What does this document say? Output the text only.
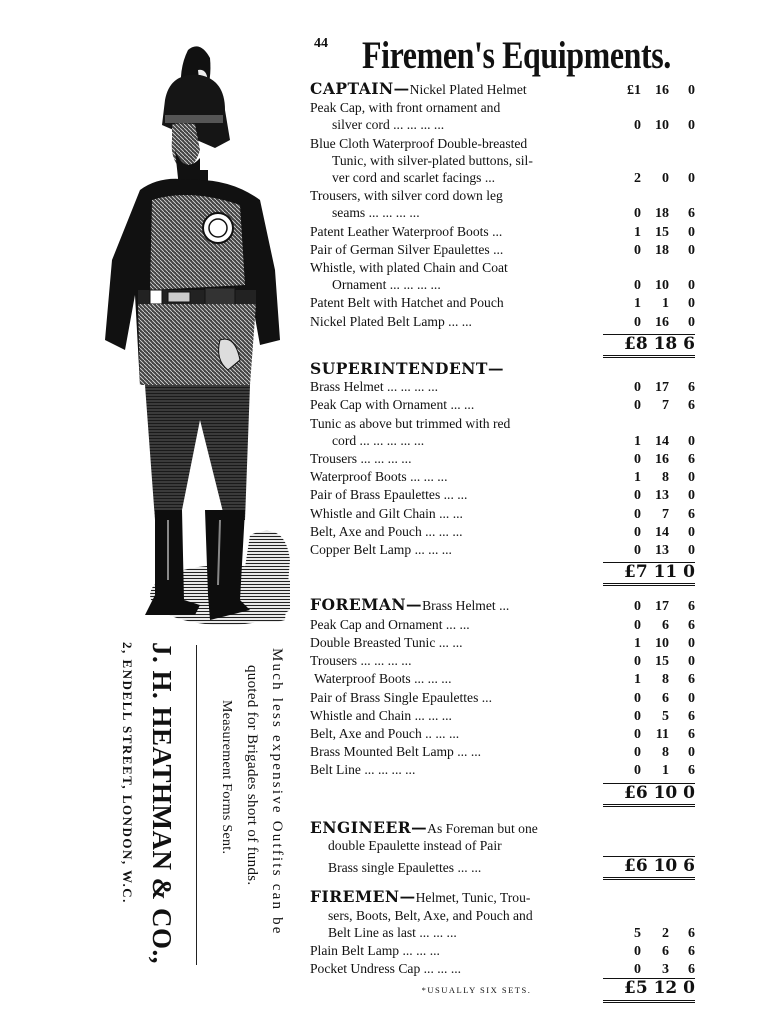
44 Firemen's Equipments.
J. H. HEATHMAN & CO.,
2, ENDELL STREET, LONDON, W.C.	Much less expensive Outfits can be
quoted for Brigades short of funds.
Measurement Forms Sent.
CAPTAIN—Nickel Plated Helmet	£1	16	0
Peak Cap, with front ornament and
silver cord ... ... ... ...	0	10	0
Blue Cloth Waterproof Double-breasted
Tunic, with silver-plated buttons, sil-
ver cord and scarlet facings ...	2	0	0
Trousers, with silver cord down leg
seams ... ... ... ...	0	18	6
Patent Leather Waterproof Boots ...	1	15	0
Pair of German Silver Epaulettes ...	0	18	0
Whistle, with plated Chain and Coat
Ornament ... ... ... ...	0	10	0
Patent Belt with Hatchet and Pouch	1	1	0
Nickel Plated Belt Lamp ... ...	0	16	0
£8 18 6
SUPERINTENDENT—
Brass Helmet ... ... ... ...	0	17	6
Peak Cap with Ornament ... ...	0	7	6
Tunic as above but trimmed with red
cord ... ... ... ... ...	1	14	0
Trousers ... ... ... ...	0	16	6
Waterproof Boots ... ... ...	1	8	0
Pair of Brass Epaulettes ... ...	0	13	0
Whistle and Gilt Chain ... ...	0	7	6
Belt, Axe and Pouch ... ... ...	0	14	0
Copper Belt Lamp ... ... ...	0	13	0
£7 11 0
FOREMAN—Brass Helmet ...	0	17	6
Peak Cap and Ornament ... ...	0	6	6
Double Breasted Tunic ... ...	1	10	0
Trousers ... ... ... ...	0	15	0
Waterproof Boots ... ... ...	1	8	6
Pair of Brass Single Epaulettes ...	0	6	0
Whistle and Chain ... ... ...	0	5	6
Belt, Axe and Pouch .. ... ...	0	11	6
Brass Mounted Belt Lamp ... ...	0	8	0
Belt Line ... ... ... ...	0	1	6
£6 10 0
ENGINEER—As Foreman but one
double Epaulette instead of Pair
Brass single Epaulettes ... ...	£6 10 6
FIREMEN—Helmet, Tunic, Trou-
sers, Boots, Belt, Axe, and Pouch and
Belt Line as last ... ... ...	5	2	6
Plain Belt Lamp ... ... ...	0	6	6
Pocket Undress Cap ... ... ...	0	3	6
*USUALLY SIX SETS.	£5 12 0
